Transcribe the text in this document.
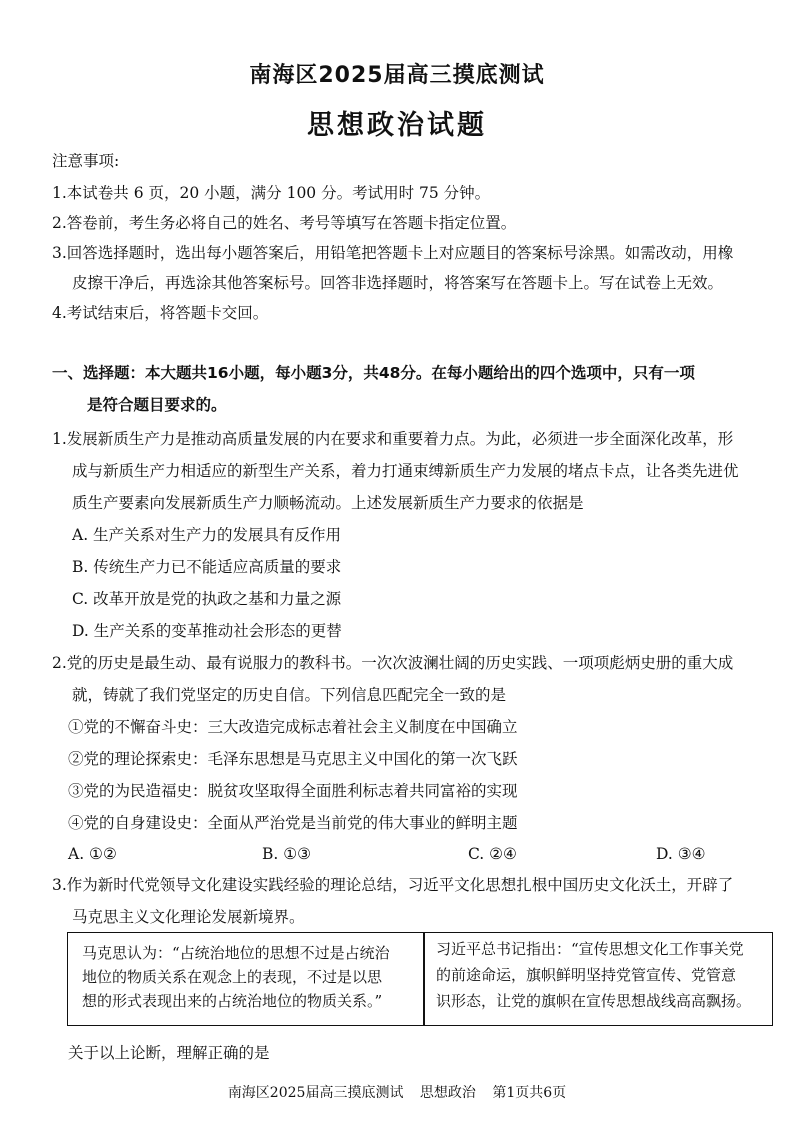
南海区2025届高三摸底测试
思想政治试题
注意事项:
1.本试卷共 6 页，20 小题，满分 100 分。考试用时 75 分钟。
2.答卷前，考生务必将自己的姓名、考号等填写在答题卡指定位置。
3.回答选择题时，选出每小题答案后，用铅笔把答题卡上对应题目的答案标号涂黑。如需改动，用橡
皮擦干净后，再选涂其他答案标号。回答非选择题时，将答案写在答题卡上。写在试卷上无效。
4.考试结束后，将答题卡交回。
一、选择题：本大题共16小题，每小题3分，共48分。在每小题给出的四个选项中，只有一项
是符合题目要求的。
1.发展新质生产力是推动高质量发展的内在要求和重要着力点。为此，必须进一步全面深化改革，形
成与新质生产力相适应的新型生产关系，着力打通束缚新质生产力发展的堵点卡点，让各类先进优
质生产要素向发展新质生产力顺畅流动。上述发展新质生产力要求的依据是
A. 生产关系对生产力的发展具有反作用
B. 传统生产力已不能适应高质量的要求
C. 改革开放是党的执政之基和力量之源
D. 生产关系的变革推动社会形态的更替
2.党的历史是最生动、最有说服力的教科书。一次次波澜壮阔的历史实践、一项项彪炳史册的重大成
就，铸就了我们党坚定的历史自信。下列信息匹配完全一致的是
①党的不懈奋斗史：三大改造完成标志着社会主义制度在中国确立
②党的理论探索史：毛泽东思想是马克思主义中国化的第一次飞跃
③党的为民造福史：脱贫攻坚取得全面胜利标志着共同富裕的实现
④党的自身建设史：全面从严治党是当前党的伟大事业的鲜明主题
A. ①②	B. ①③	C. ②④	D. ③④
3.作为新时代党领导文化建设实践经验的理论总结，习近平文化思想扎根中国历史文化沃土，开辟了
马克思主义文化理论发展新境界。
马克思认为：“占统治地位的思想不过是占统治
地位的物质关系在观念上的表现，不过是以思
想的形式表现出来的占统治地位的物质关系。”
习近平总书记指出：“宣传思想文化工作事关党
的前途命运，旗帜鲜明坚持党管宣传、党管意
识形态，让党的旗帜在宣传思想战线高高飘扬。
关于以上论断，理解正确的是
南海区2025届高三摸底测试 思想政治 第1页共6页
